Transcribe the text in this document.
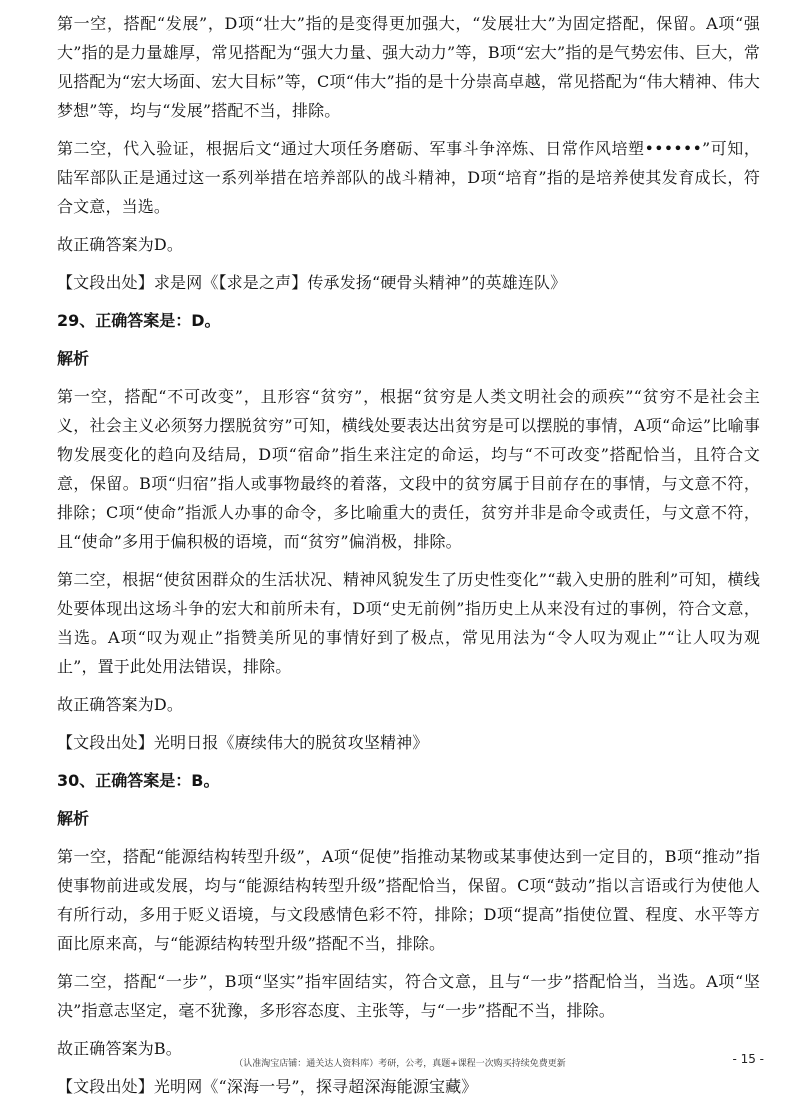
第一空，搭配“发展”，D项“壮大”指的是变得更加强大，“发展壮大”为固定搭配，保留。A项“强大”指的是力量雄厚，常见搭配为“强大力量、强大动力”等，B项“宏大”指的是气势宏伟、巨大，常见搭配为“宏大场面、宏大目标”等，C项“伟大”指的是十分崇高卓越，常见搭配为“伟大精神、伟大梦想”等，均与“发展”搭配不当，排除。

第二空，代入验证，根据后文“通过大项任务磨砺、军事斗争淬炼、日常作风培塑••••••”可知，陆军部队正是通过这一系列举措在培养部队的战斗精神，D项“培育”指的是培养使其发育成长，符合文意，当选。

故正确答案为D。

【文段出处】求是网《【求是之声】传承发扬“硬骨头精神”的英雄连队》

29、正确答案是：D。
解析

第一空，搭配“不可改变”，且形容“贫穷”，根据“贫穷是人类文明社会的顽疾”“贫穷不是社会主义，社会主义必须努力摆脱贫穷”可知，横线处要表达出贫穷是可以摆脱的事情，A项“命运”比喻事物发展变化的趋向及结局，D项“宿命”指生来注定的命运，均与“不可改变”搭配恰当，且符合文意，保留。B项“归宿”指人或事物最终的着落，文段中的贫穷属于目前存在的事情，与文意不符，排除；C项“使命”指派人办事的命令，多比喻重大的责任，贫穷并非是命令或责任，与文意不符，且“使命”多用于偏积极的语境，而“贫穷”偏消极，排除。

第二空，根据“使贫困群众的生活状况、精神风貌发生了历史性变化”“载入史册的胜利”可知，横线处要体现出这场斗争的宏大和前所未有，D项“史无前例”指历史上从来没有过的事例，符合文意，当选。A项“叹为观止”指赞美所见的事情好到了极点，常见用法为“令人叹为观止”“让人叹为观止”，置于此处用法错误，排除。

故正确答案为D。

【文段出处】光明日报《赓续伟大的脱贫攻坚精神》

30、正确答案是：B。
解析

第一空，搭配“能源结构转型升级”，A项“促使”指推动某物或某事使达到一定目的，B项“推动”指使事物前进或发展，均与“能源结构转型升级”搭配恰当，保留。C项“鼓动”指以言语或行为使他人有所行动，多用于贬义语境，与文段感情色彩不符，排除；D项“提高”指使位置、程度、水平等方面比原来高，与“能源结构转型升级”搭配不当，排除。

第二空，搭配“一步”，B项“坚实”指牢固结实，符合文意，且与“一步”搭配恰当，当选。A项“坚决”指意志坚定，毫不犹豫，多形容态度、主张等，与“一步”搭配不当，排除。

故正确答案为B。

【文段出处】光明网《“深海一号”，探寻超深海能源宝藏》

（认准淘宝店铺：通关达人资料库）考研，公考，真题+课程一次购买持续免费更新	- 15 -
